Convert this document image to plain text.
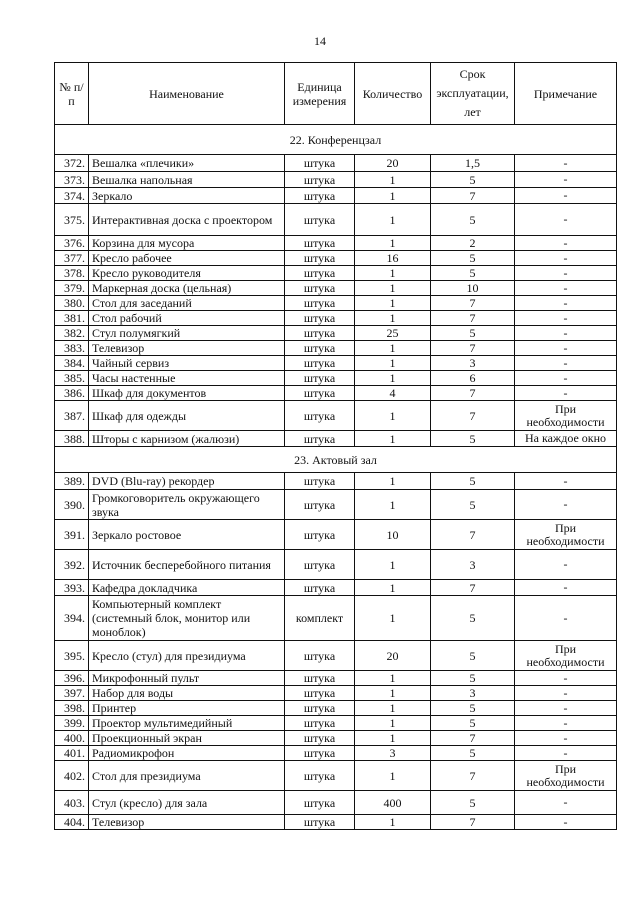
14
№ п/п	Наименование	Единица измерения	Количество	Срок эксплуатации, лет	Примечание
22. Конференцзал					
372.	Вешалка «плечики»	штука	20	1,5	-
373.	Вешалка напольная	штука	1	5	-
374.	Зеркало	штука	1	7	-
375.	Интерактивная доска с проектором	штука	1	5	-
376.	Корзина для мусора	штука	1	2	-
377.	Кресло рабочее	штука	16	5	-
378.	Кресло руководителя	штука	1	5	-
379.	Маркерная доска (цельная)	штука	1	10	-
380.	Стол для заседаний	штука	1	7	-
381.	Стол рабочий	штука	1	7	-
382.	Стул полумягкий	штука	25	5	-
383.	Телевизор	штука	1	7	-
384.	Чайный сервиз	штука	1	3	-
385.	Часы настенные	штука	1	6	-
386.	Шкаф для документов	штука	4	7	-
387.	Шкаф для одежды	штука	1	7	При необходимости
388.	Шторы с карнизом (жалюзи)	штука	1	5	На каждое окно
23. Актовый зал					
389.	DVD (Blu-ray) рекордер	штука	1	5	-
390.	Громкоговоритель окружающего звука	штука	1	5	-
391.	Зеркало ростовое	штука	10	7	При необходимости
392.	Источник бесперебойного питания	штука	1	3	-
393.	Кафедра докладчика	штука	1	7	-
394.	Компьютерный комплект (системный блок, монитор или моноблок)	комплект	1	5	-
395.	Кресло (стул) для президиума	штука	20	5	При необходимости
396.	Микрофонный пульт	штука	1	5	-
397.	Набор для воды	штука	1	3	-
398.	Принтер	штука	1	5	-
399.	Проектор мультимедийный	штука	1	5	-
400.	Проекционный экран	штука	1	7	-
401.	Радиомикрофон	штука	3	5	-
402.	Стол для президиума	штука	1	7	При необходимости
403.	Стул (кресло) для зала	штука	400	5	-
404.	Телевизор	штука	1	7	-
